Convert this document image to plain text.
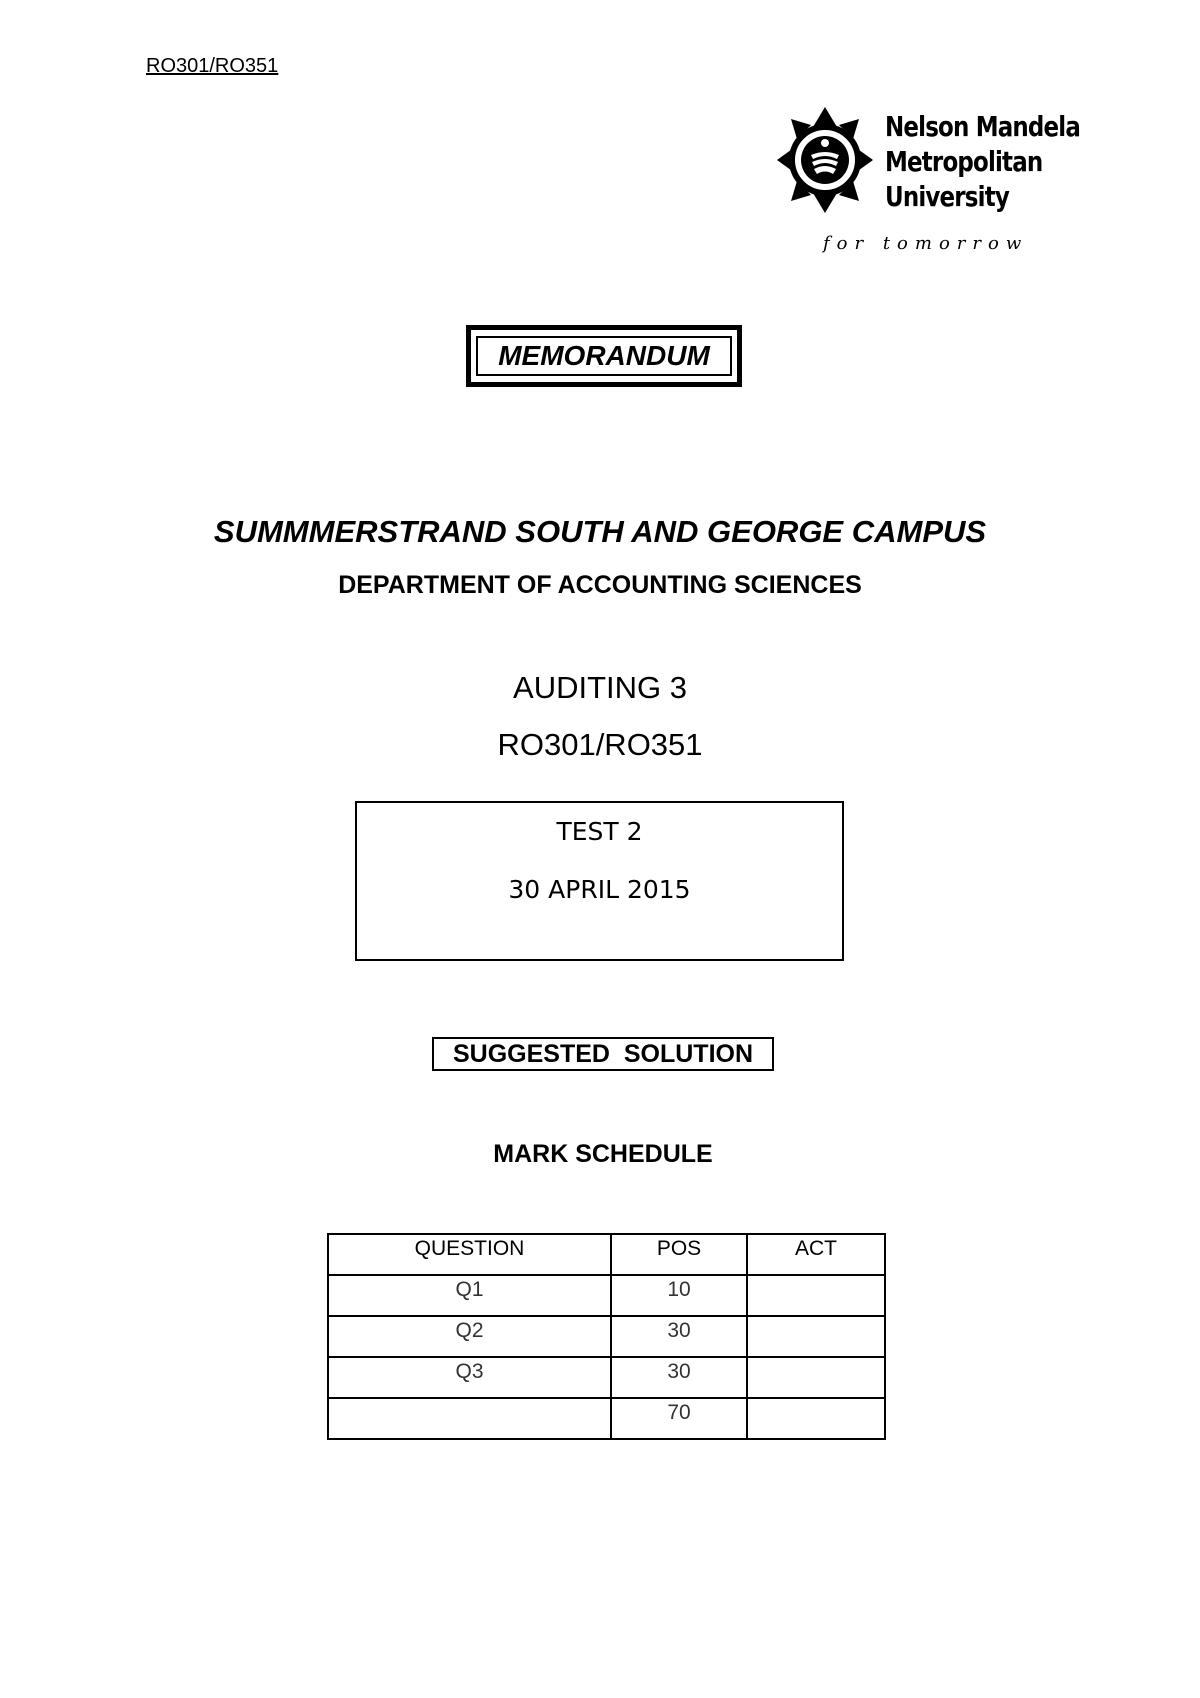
RO301/RO351
Nelson Mandela
Metropolitan
University
for tomorrow
MEMORANDUM
SUMMMERSTRAND SOUTH AND GEORGE CAMPUS
DEPARTMENT OF ACCOUNTING SCIENCES
AUDITING 3
RO301/RO351
TEST 2
30 APRIL 2015
SUGGESTED  SOLUTION
MARK SCHEDULE
QUESTION	POS	ACT
Q1	10	
Q2	30	
Q3	30	
	70	
